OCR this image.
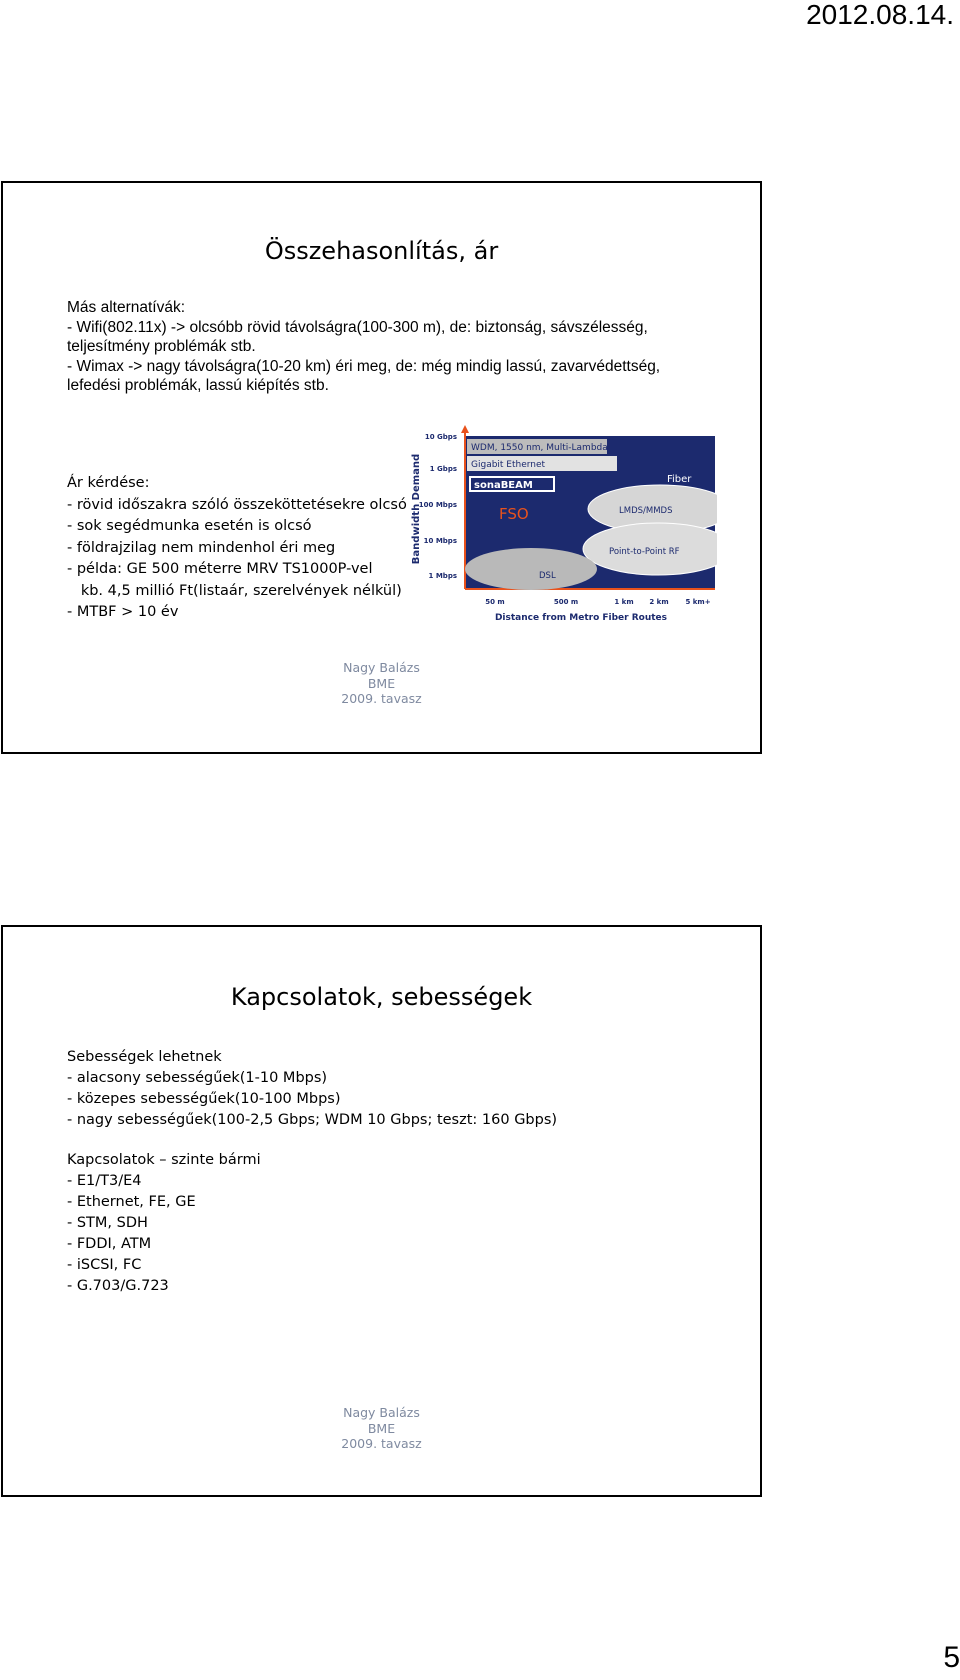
2012.08.14.
Összehasonlítás, ár
Más alternatívák:
- Wifi(802.11x) -> olcsóbb rövid távolságra(100-300 m), de: biztonság, sávszélesség, teljesítmény problémák stb.
- Wimax -> nagy távolságra(10-20 km) éri meg, de: még mindig lassú, zavarvédettség, lefedési problémák, lassú kiépítés stb.
Ár kérdése:
- rövid időszakra szóló összeköttetésekre olcsó
- sok segédmunka esetén is olcsó
- földrajzilag nem mindenhol éri meg
- példa: GE 500 méterre MRV TS1000P-vel
kb. 4,5 millió Ft(listaár, szerelvények nélkül)
- MTBF > 10 év
WDM, 1550 nm, Multi-Lambda
Gigabit Ethernet
Fiber
sonaBEAM
FSO	LMDS/MMDS
Point-to-Point RF
DSL
10 Gbps
1 Gbps
100 Mbps
10 Mbps
1 Mbps
Bandwidth Demand
50 m	500 m	1 km 2 km 5 km+
Distance from Metro Fiber Routes
Nagy Balázs
BME
2009. tavasz
Kapcsolatok, sebességek
Sebességek lehetnek
- alacsony sebességűek(1-10 Mbps)
- közepes sebességűek(10-100 Mbps)
- nagy sebességűek(100-2,5 Gbps; WDM 10 Gbps; teszt: 160 Gbps)
Kapcsolatok – szinte bármi
- E1/T3/E4
- Ethernet, FE, GE
- STM, SDH
- FDDI, ATM
- iSCSI, FC
- G.703/G.723
Nagy Balázs
BME
2009. tavasz
5
